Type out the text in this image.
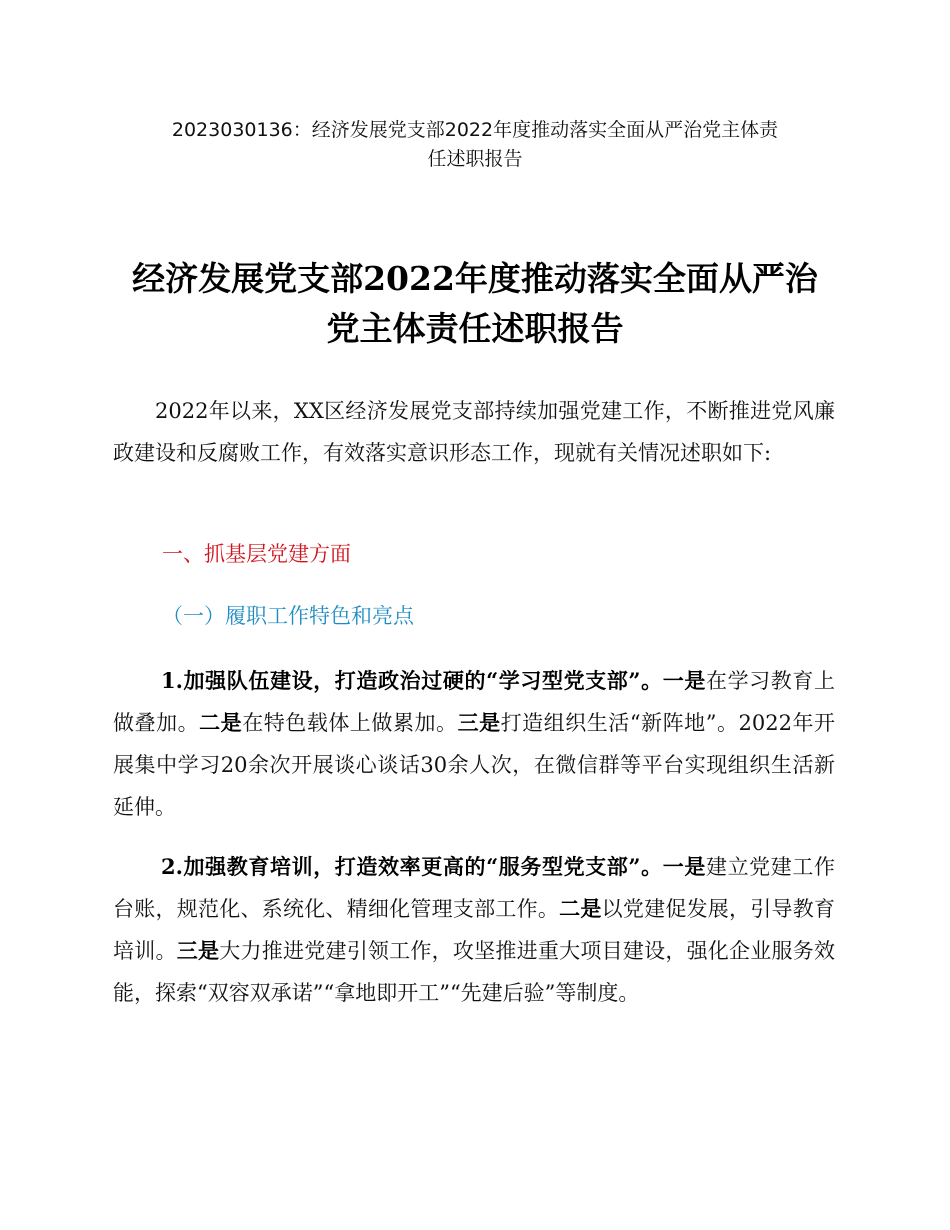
2023030136：经济发展党支部2022年度推动落实全面从严治党主体责
任述职报告
经济发展党支部2022年度推动落实全面从严治
党主体责任述职报告

2022年以来，XX区经济发展党支部持续加强党建工作，不断推进党风廉政建设和反腐败工作，有效落实意识形态工作，现就有关情况述职如下:

一、抓基层党建方面
（一）履职工作特色和亮点

1.加强队伍建设，打造政治过硬的“学习型党支部”。一是在学习教育上做叠加。二是在特色载体上做累加。三是打造组织生活“新阵地”。2022年开展集中学习20余次开展谈心谈话30余人次，在微信群等平台实现组织生活新延伸。

2.加强教育培训，打造效率更高的“服务型党支部”。一是建立党建工作台账，规范化、系统化、精细化管理支部工作。二是以党建促发展，引导教育培训。三是大力推进党建引领工作，攻坚推进重大项目建设，强化企业服务效能，探索“双容双承诺”“拿地即开工”“先建后验”等制度。
